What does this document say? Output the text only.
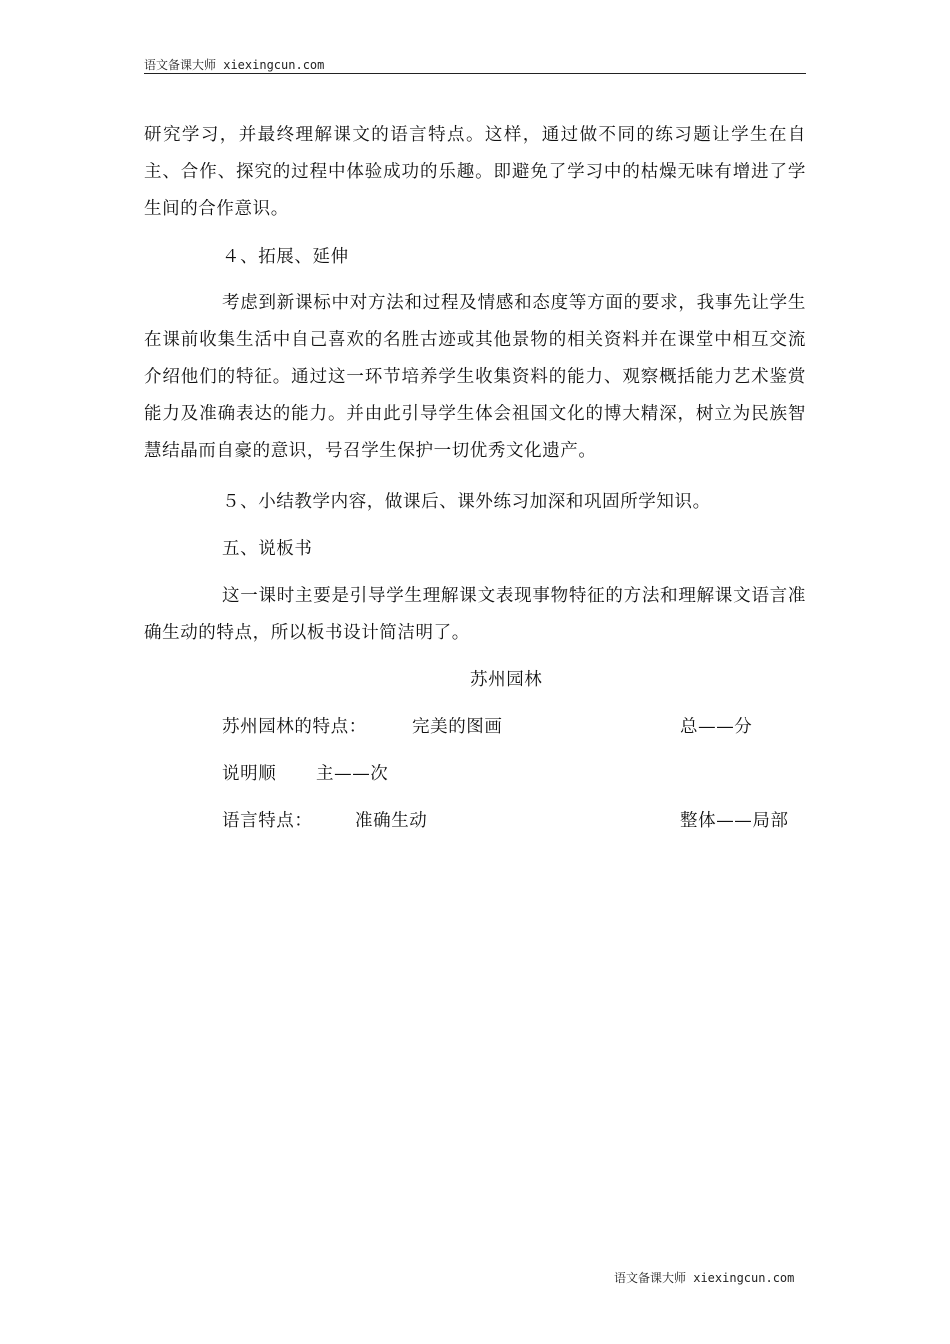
语文备课大师 xiexingcun.com

研究学习，并最终理解课文的语言特点。这样，通过做不同的练习题让学生在自主、合作、探究的过程中体验成功的乐趣。即避免了学习中的枯燥无味有增进了学生间的合作意识。

４、拓展、延伸

考虑到新课标中对方法和过程及情感和态度等方面的要求，我事先让学生在课前收集生活中自己喜欢的名胜古迹或其他景物的相关资料并在课堂中相互交流介绍他们的特征。通过这一环节培养学生收集资料的能力、观察概括能力艺术鉴赏能力及准确表达的能力。并由此引导学生体会祖国文化的博大精深，树立为民族智慧结晶而自豪的意识，号召学生保护一切优秀文化遗产。

５、小结教学内容，做课后、课外练习加深和巩固所学知识。

五、说板书

这一课时主要是引导学生理解课文表现事物特征的方法和理解课文语言准确生动的特点，所以板书设计简洁明了。

苏州园林

苏州园林的特点：	完美的图画	总——分

说明顺 主——次

语言特点： 准确生动	整体——局部

语文备课大师 xiexingcun.com
